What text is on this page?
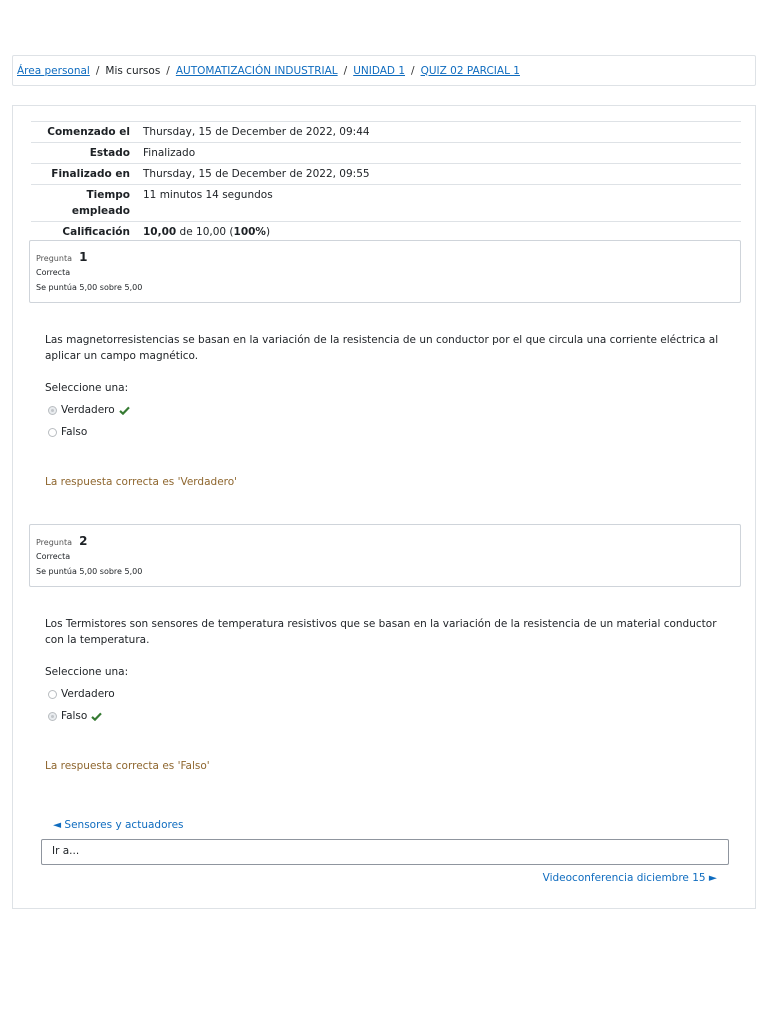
Área personal / Mis cursos / AUTOMATIZACIÓN INDUSTRIAL / UNIDAD 1 / QUIZ 02 PARCIAL 1
Comenzado el	Thursday, 15 de December de 2022, 09:44
Estado	Finalizado
Finalizado en	Thursday, 15 de December de 2022, 09:55
Tiempo
empleado	11 minutos 14 segundos
Calificación	10,00 de 10,00 (100%)
Pregunta 1
Correcta
Se puntúa 5,00 sobre 5,00
Las magnetorresistencias se basan en la variación de la resistencia de un conductor por el que circula una corriente eléctrica al aplicar un campo magnético.
Seleccione una:
Verdadero
Falso
La respuesta correcta es 'Verdadero'
Pregunta 2
Correcta
Se puntúa 5,00 sobre 5,00
Los Termistores son sensores de temperatura resistivos que se basan en la variación de la resistencia de un material conductor con la temperatura.
Seleccione una:
Verdadero
Falso
La respuesta correcta es 'Falso'
◄ Sensores y actuadores
Ir a...
Videoconferencia diciembre 15 ►
